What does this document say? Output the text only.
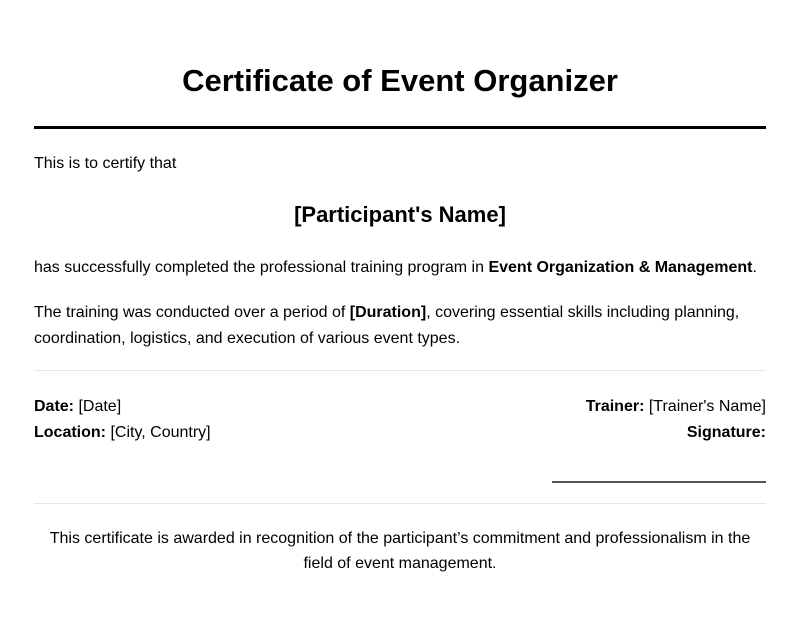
Certificate of Event Organizer
This is to certify that
[Participant's Name]
has successfully completed the professional training program in Event Organization & Management.
The training was conducted over a period of [Duration], covering essential skills including planning, coordination, logistics, and execution of various event types.
Date: [Date]
Location: [City, Country]
Trainer: [Trainer's Name]
Signature:
This certificate is awarded in recognition of the participant’s commitment and professionalism in the field of event management.
